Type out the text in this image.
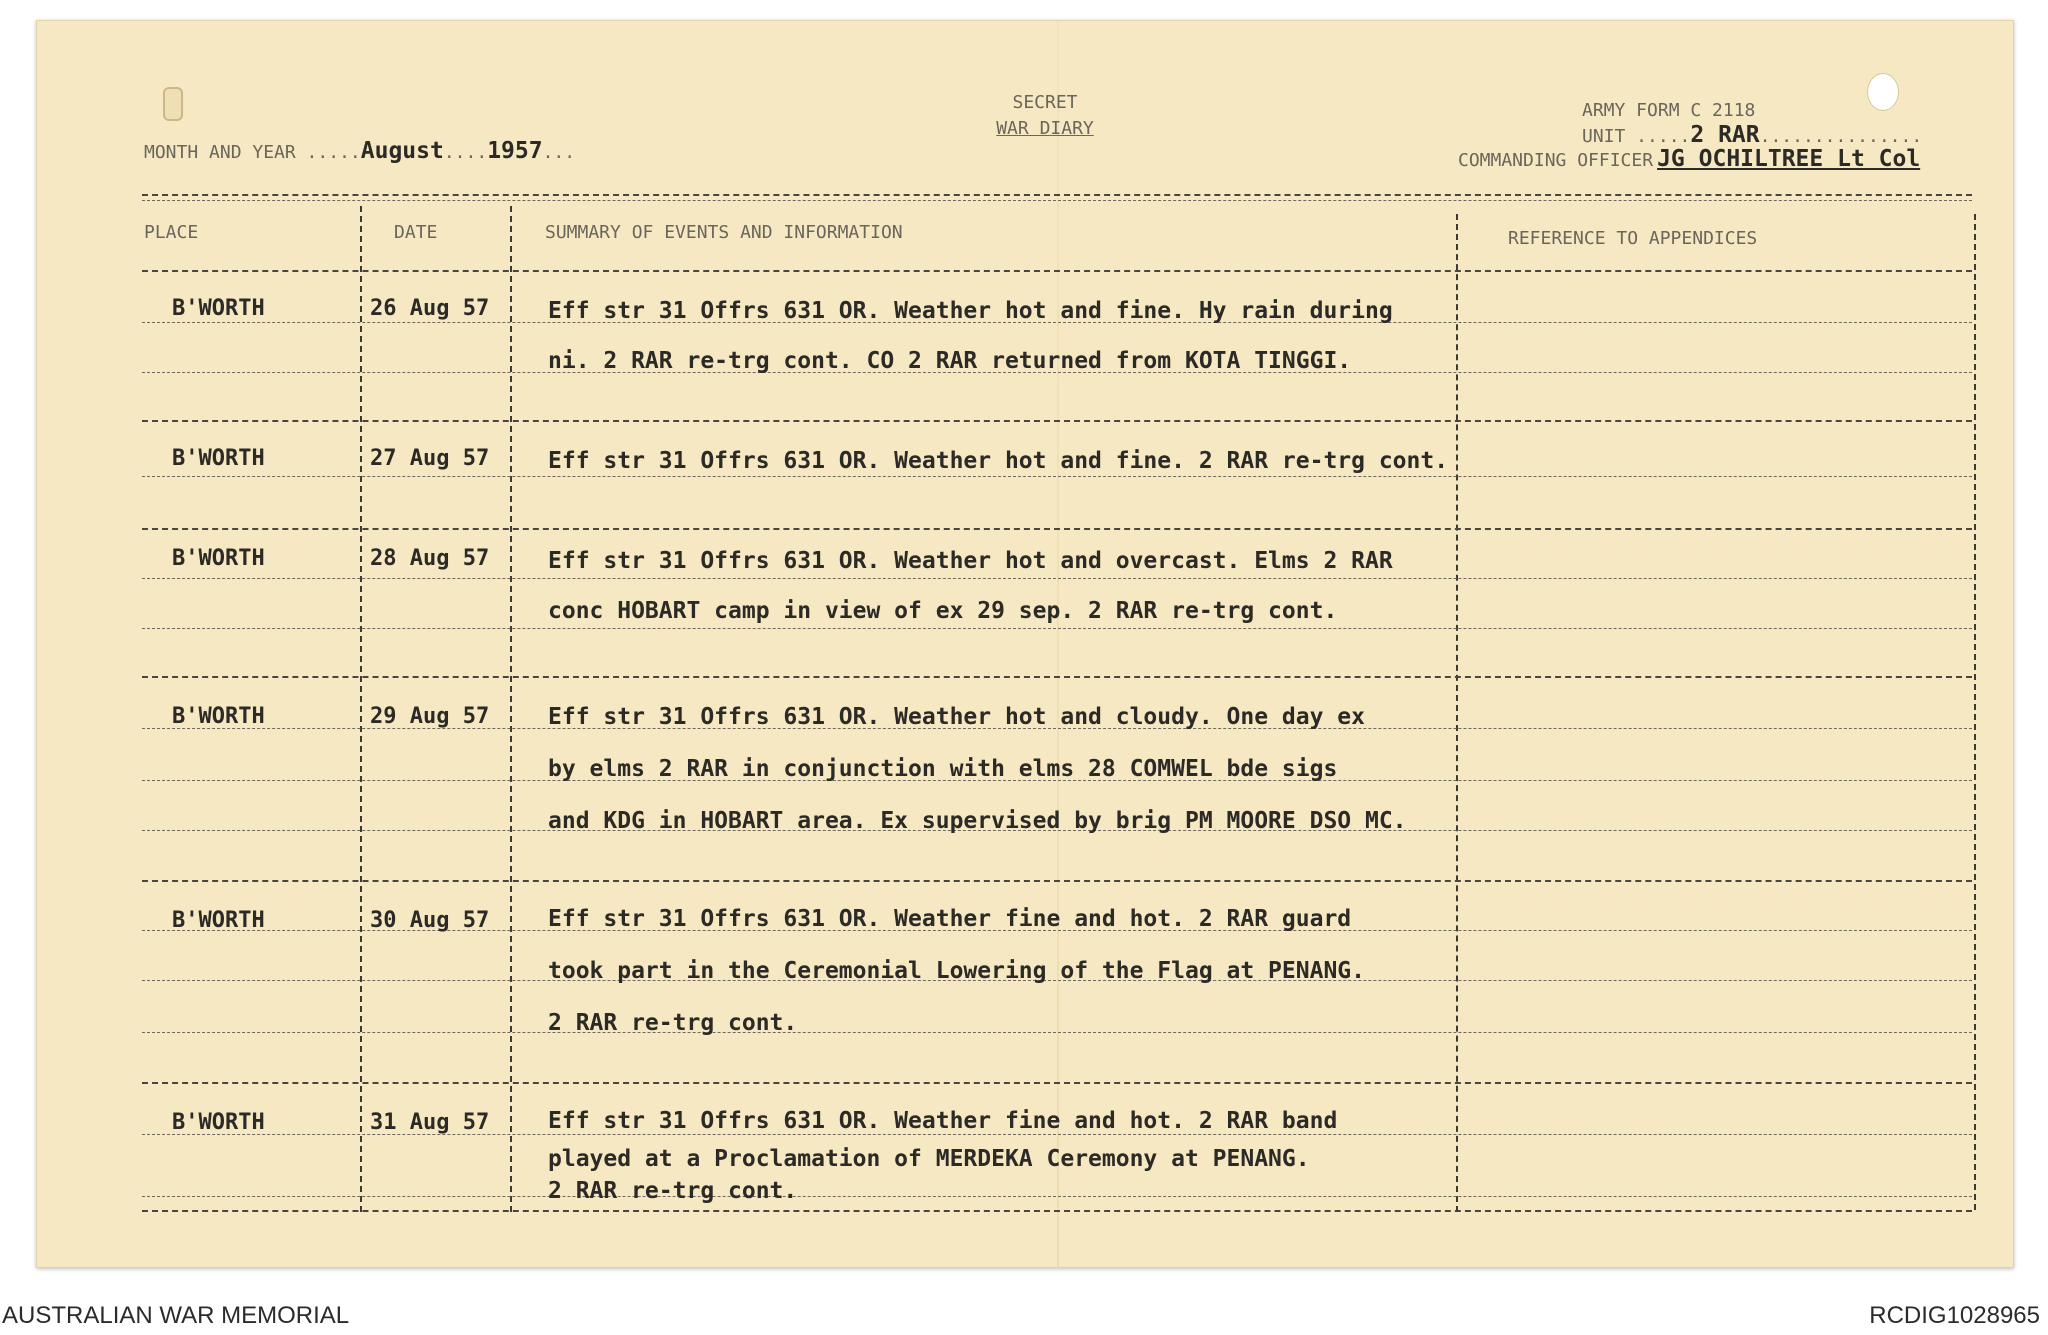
SECRET
WAR DIARY
MONTH AND YEAR .....August....1957...
ARMY FORM C 2118
UNIT .....2 RAR...............
COMMANDING OFFICER JG OCHILTREE Lt Col
PLACE	DATE	SUMMARY OF EVENTS AND INFORMATION	REFERENCE TO APPENDICES
B'WORTH	26 Aug 57	Eff str 31 Offrs 631 OR. Weather hot and fine. Hy rain during
ni. 2 RAR re-trg cont. CO 2 RAR returned from KOTA TINGGI.
B'WORTH	27 Aug 57	Eff str 31 Offrs 631 OR. Weather hot and fine. 2 RAR re-trg cont.
B'WORTH	28 Aug 57	Eff str 31 Offrs 631 OR. Weather hot and overcast. Elms 2 RAR
conc HOBART camp in view of ex 29 sep. 2 RAR re-trg cont.
B'WORTH	29 Aug 57	Eff str 31 Offrs 631 OR. Weather hot and cloudy. One day ex
by elms 2 RAR in conjunction with elms 28 COMWEL bde sigs
and KDG in HOBART area. Ex supervised by brig PM MOORE DSO MC.
B'WORTH	30 Aug 57	Eff str 31 Offrs 631 OR. Weather fine and hot. 2 RAR guard
took part in the Ceremonial Lowering of the Flag at PENANG.
2 RAR re-trg cont.
B'WORTH	31 Aug 57	Eff str 31 Offrs 631 OR. Weather fine and hot. 2 RAR band
played at a Proclamation of MERDEKA Ceremony at PENANG.
2 RAR re-trg cont.
AUSTRALIAN WAR MEMORIAL	RCDIG1028965
